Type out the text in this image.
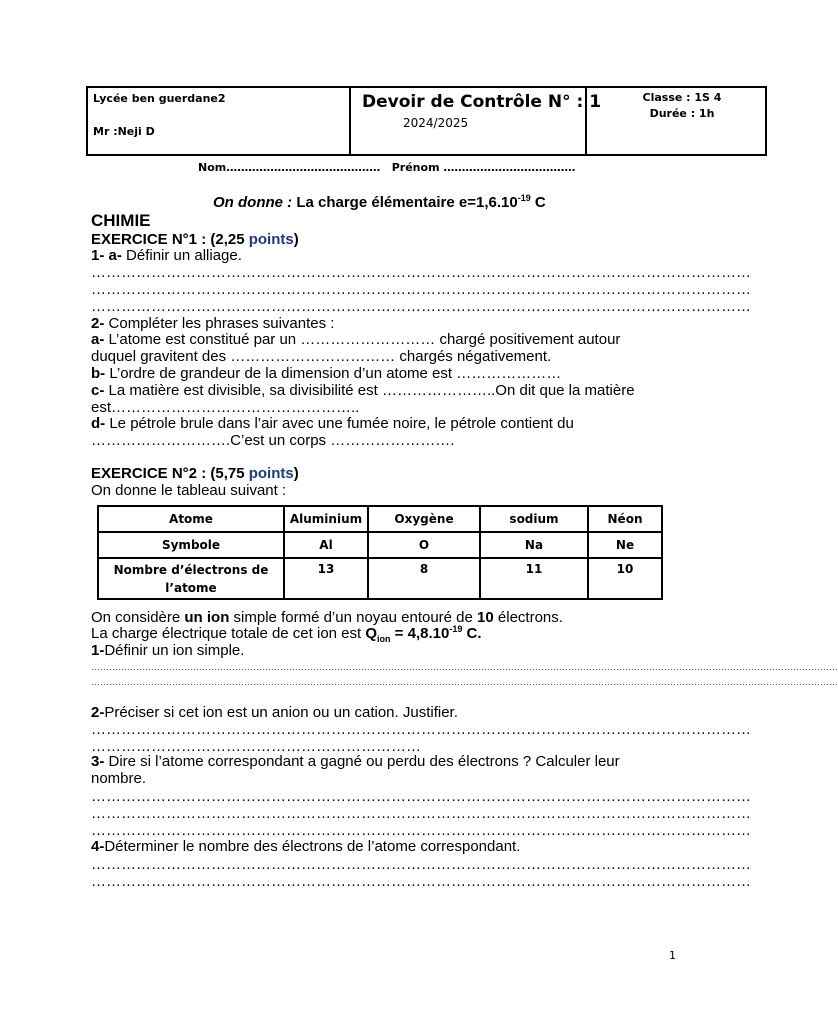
Lycée ben guerdane2
Mr :Neji D
Devoir de Contrôle N° : 1
2024/2025
Classe : 1S 4
Durée : 1h
Nom…………………………………… Prénom ………………………………
On donne : La charge élémentaire $e=1,6.10^{-19}$ C
CHIMIE
EXERCICE N°1 : (2,25 points)
1- a- Définir un alliage.
……………………………………………………………………………………………………………………
……………………………………………………………………………………………………………………
……………………………………………………………………………………………………………………
2- Compléter les phrases suivantes :
a- L’atome est constitué par un ……………………… chargé positivement autour
duquel gravitent des …………………………… chargés négativement.
b- L’ordre de grandeur de la dimension d’un atome est …………………
c- La matière est divisible, sa divisibilité est …………………..On dit que la matière
est…………………………………………..
d- Le pétrole brule dans l’air avec une fumée noire, le pétrole contient du
……………………….C’est un corps …………………….
EXERCICE N°2 : (5,75 points)
On donne le tableau suivant :
Atome	Aluminium	Oxygène	sodium	Néon
Symbole	Al	O	Na	Ne
Nombre d’électrons de
l’atome	13	8	11	10
On considère un ion simple formé d’un noyau entouré de 10 électrons.
La charge électrique totale de cet ion est $Q_{ion} = 4,8.10^{-19}$ C.
1-Définir un ion simple.
……………………………………………………………………………………………………………………………………………………………………………………………………………………………
……………………………………………………………………………………………………………………………………………………………………………………………………………………………
2-Préciser si cet ion est un anion ou un cation. Justifier.
……………………………………………………………………………………………………………………
…………………………………………………………
3- Dire si l’atome correspondant a gagné ou perdu des électrons ? Calculer leur
nombre.
……………………………………………………………………………………………………………………
……………………………………………………………………………………………………………………
……………………………………………………………………………………………………………………
4-Déterminer le nombre des électrons de l’atome correspondant.
……………………………………………………………………………………………………………………
……………………………………………………………………………………………………………………
1
